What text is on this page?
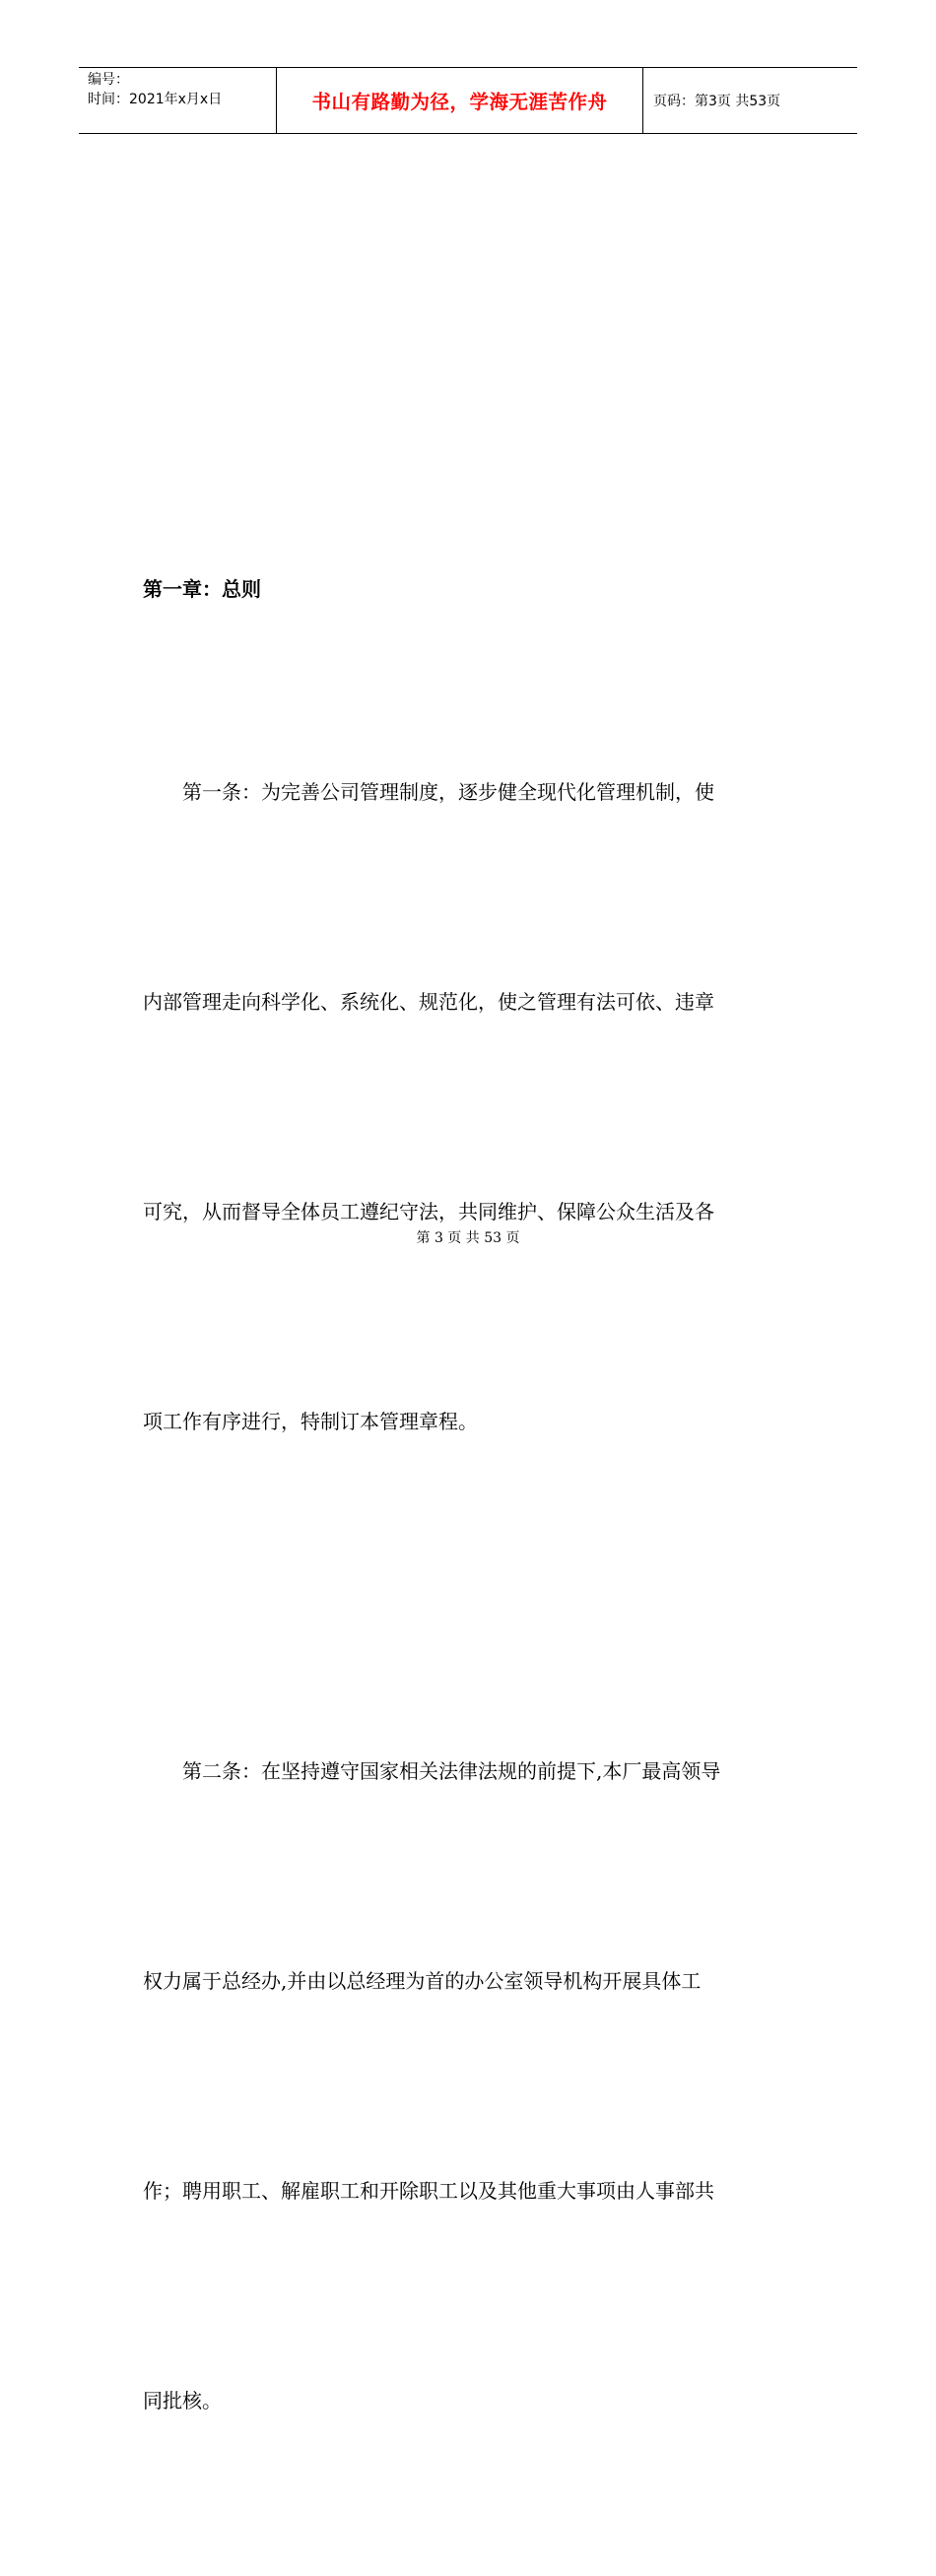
编号：
时间：2021年x月x日	书山有路勤为径，学海无涯苦作舟	页码：第3页 共53页
第一章：总则

第一条：为完善公司管理制度，逐步健全现代化管理机制，使

内部管理走向科学化、系统化、规范化，使之管理有法可依、违章

可究，从而督导全体员工遵纪守法，共同维护、保障公众生活及各

项工作有序进行，特制订本管理章程。

第二条：在坚持遵守国家相关法律法规的前提下,本厂最高领导

权力属于总经办,并由以总经理为首的办公室领导机构开展具体工

作；聘用职工、解雇职工和开除职工以及其他重大事项由人事部共

同批核。

第 3 页 共 53 页
